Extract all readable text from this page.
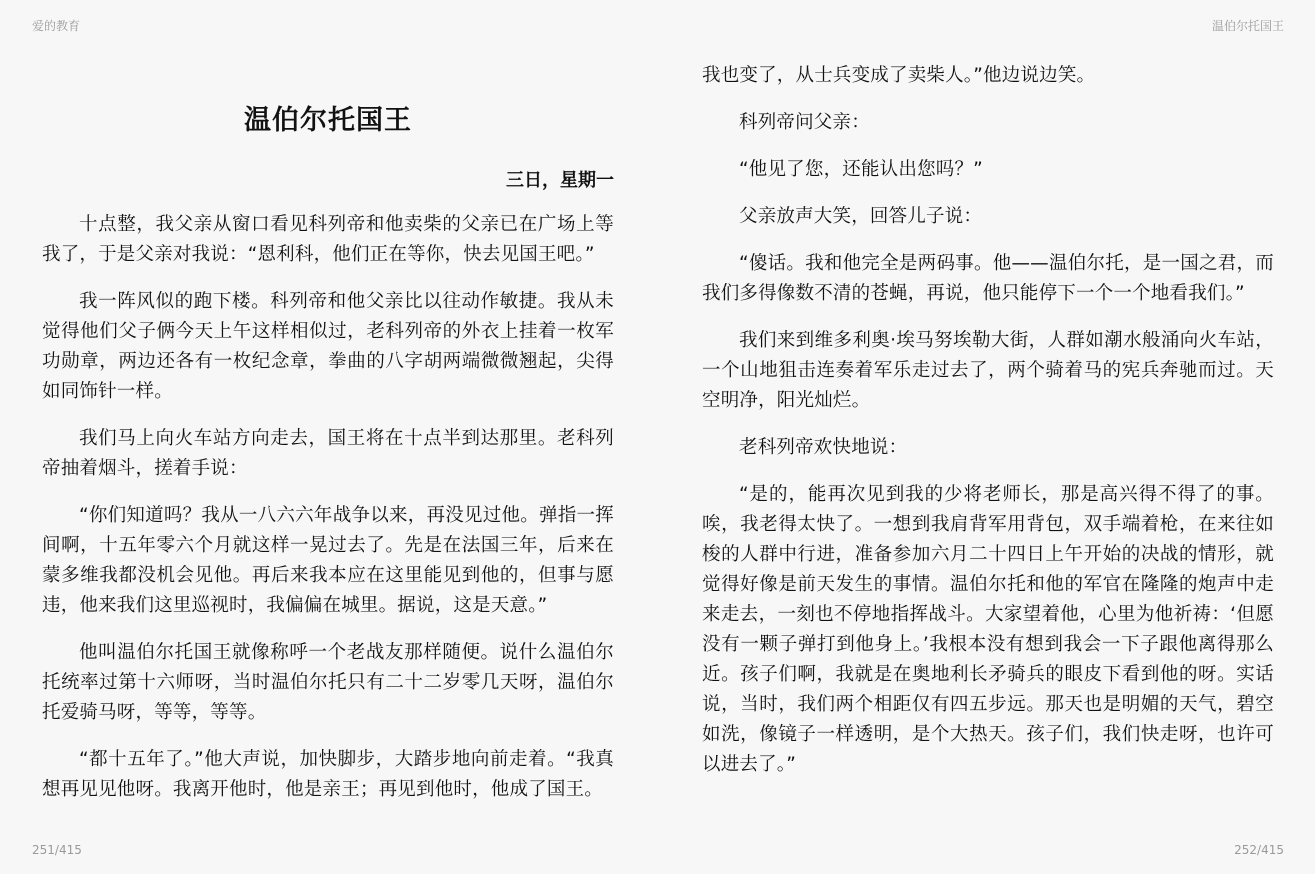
爱的教育	温伯尔托国王
温伯尔托国王
三日，星期一

十点整，我父亲从窗口看见科列帝和他卖柴的父亲已在广场上等我了，于是父亲对我说：“恩利科，他们正在等你，快去见国王吧。”

我一阵风似的跑下楼。科列帝和他父亲比以往动作敏捷。我从未觉得他们父子俩今天上午这样相似过，老科列帝的外衣上挂着一枚军功勋章，两边还各有一枚纪念章，拳曲的八字胡两端微微翘起，尖得如同饰针一样。

我们马上向火车站方向走去，国王将在十点半到达那里。老科列帝抽着烟斗，搓着手说：

“你们知道吗？我从一八六六年战争以来，再没见过他。弹指一挥间啊，十五年零六个月就这样一晃过去了。先是在法国三年，后来在蒙多维我都没机会见他。再后来我本应在这里能见到他的，但事与愿违，他来我们这里巡视时，我偏偏在城里。据说，这是天意。”

他叫温伯尔托国王就像称呼一个老战友那样随便。说什么温伯尔托统率过第十六师呀，当时温伯尔托只有二十二岁零几天呀，温伯尔托爱骑马呀，等等，等等。

“都十五年了。”他大声说，加快脚步，大踏步地向前走着。“我真想再见见他呀。我离开他时，他是亲王；再见到他时，他成了国王。

我也变了，从士兵变成了卖柴人。”他边说边笑。

科列帝问父亲：

“他见了您，还能认出您吗？”

父亲放声大笑，回答儿子说：

“傻话。我和他完全是两码事。他——温伯尔托，是一国之君，而我们多得像数不清的苍蝇，再说，他只能停下一个一个地看我们。”

我们来到维多利奥·埃马努埃勒大街，人群如潮水般涌向火车站，一个山地狙击连奏着军乐走过去了，两个骑着马的宪兵奔驰而过。天空明净，阳光灿烂。

老科列帝欢快地说：

“是的，能再次见到我的少将老师长，那是高兴得不得了的事。唉，我老得太快了。一想到我肩背军用背包，双手端着枪，在来往如梭的人群中行进，准备参加六月二十四日上午开始的决战的情形，就觉得好像是前天发生的事情。温伯尔托和他的军官在隆隆的炮声中走来走去，一刻也不停地指挥战斗。大家望着他，心里为他祈祷：‘但愿没有一颗子弹打到他身上。’我根本没有想到我会一下子跟他离得那么近。孩子们啊，我就是在奥地利长矛骑兵的眼皮下看到他的呀。实话说，当时，我们两个相距仅有四五步远。那天也是明媚的天气，碧空如洗，像镜子一样透明，是个大热天。孩子们，我们快走呀，也许可以进去了。”

251/415	252/415
